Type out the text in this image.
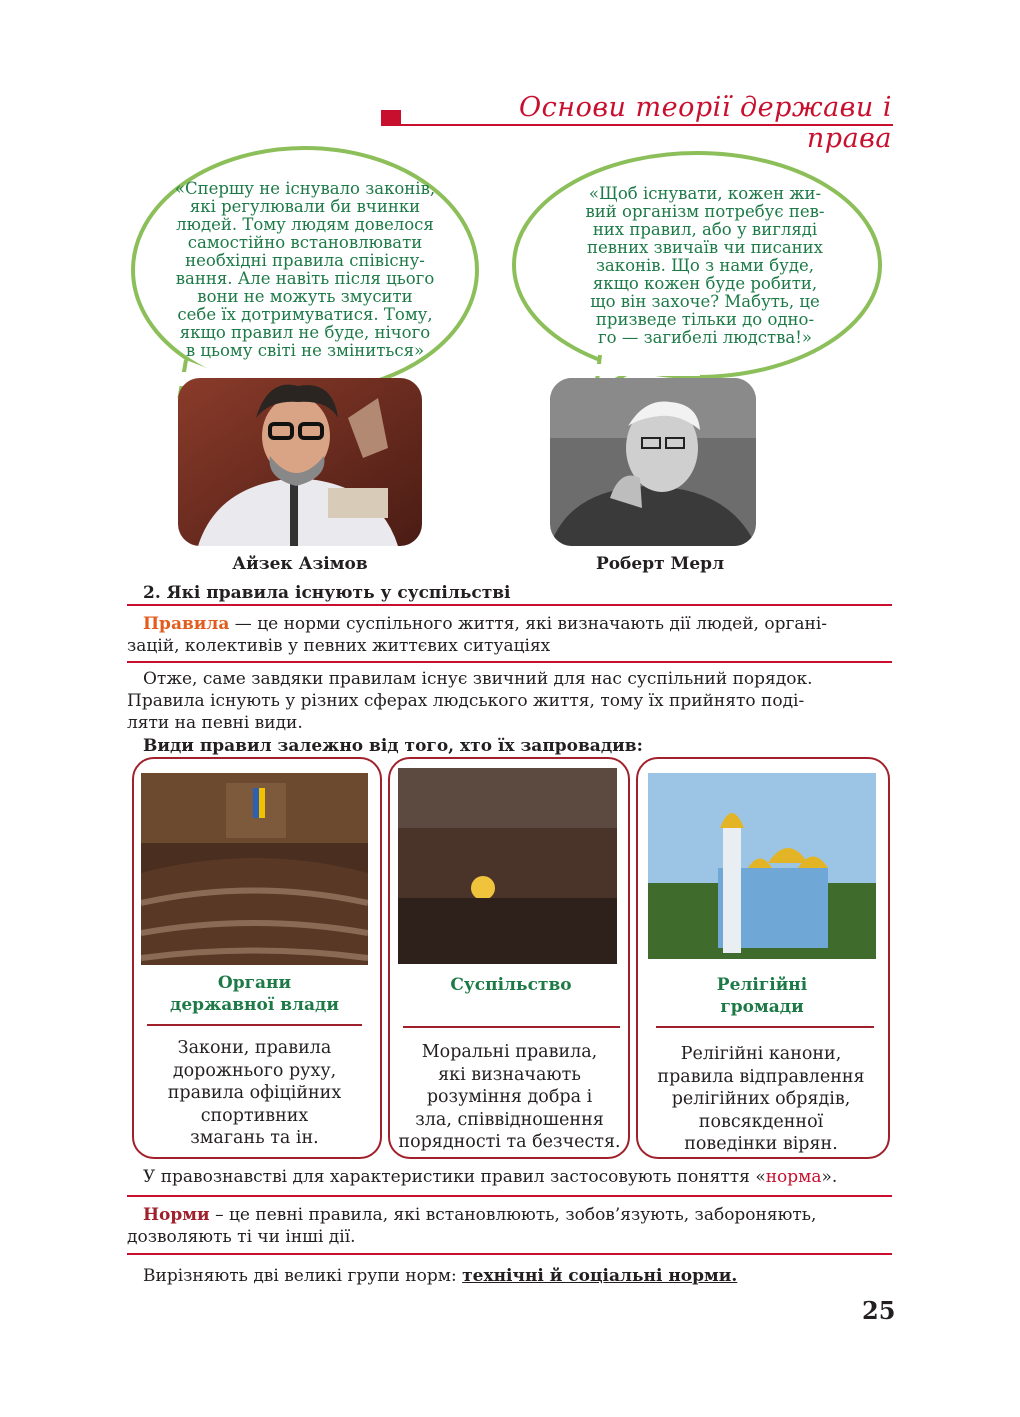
Основи теорії держави і права
«Спершу не існувало законів,
які регулювали би вчинки
людей. Тому людям довелося
самостійно встановлювати
необхідні правила співісну-
вання. Але навіть після цього
вони не можуть змусити
себе їх дотримуватися. Тому,
якщо правил не буде, нічого
в цьому світі не зміниться»
«Щоб існувати, кожен жи-
вий організм потребує пев-
них правил, або у вигляді
певних звичаїв чи писаних
законів. Що з нами буде,
якщо кожен буде робити,
що він захоче? Мабуть, це
призведе тільки до одно-
го — загибелі людства!»
Айзек Азімов	Роберт Мерл
2. Які правила існують у суспільстві
Правила — це норми суспільного життя, які визначають дії людей, органі-
зацій, колективів у певних життєвих ситуаціях
Отже, саме завдяки правилам існує звичний для нас суспільний порядок.
Правила існують у різних сферах людського життя, тому їх прийнято поді-
ляти на певні види.
Види правил залежно від того, хто їх запровадив:
Органи
державної влади
Закони, правила
дорожнього руху,
правила офіційних
спортивних
змагань та ін.
Суспільство
Моральні правила,
які визначають
розуміння добра і
зла, співвідношення
порядності та безчестя.
Релігійні
громади
Релігійні канони,
правила відправлення
релігійних обрядів,
повсякденної
поведінки вірян.
У правознавстві для характеристики правил застосовують поняття «норма».
Норми – це певні правила, які встановлюють, зобов’язують, забороняють,
дозволяють ті чи інші дії.
Вирізняють дві великі групи норм: технічні й соціальні норми.
25
